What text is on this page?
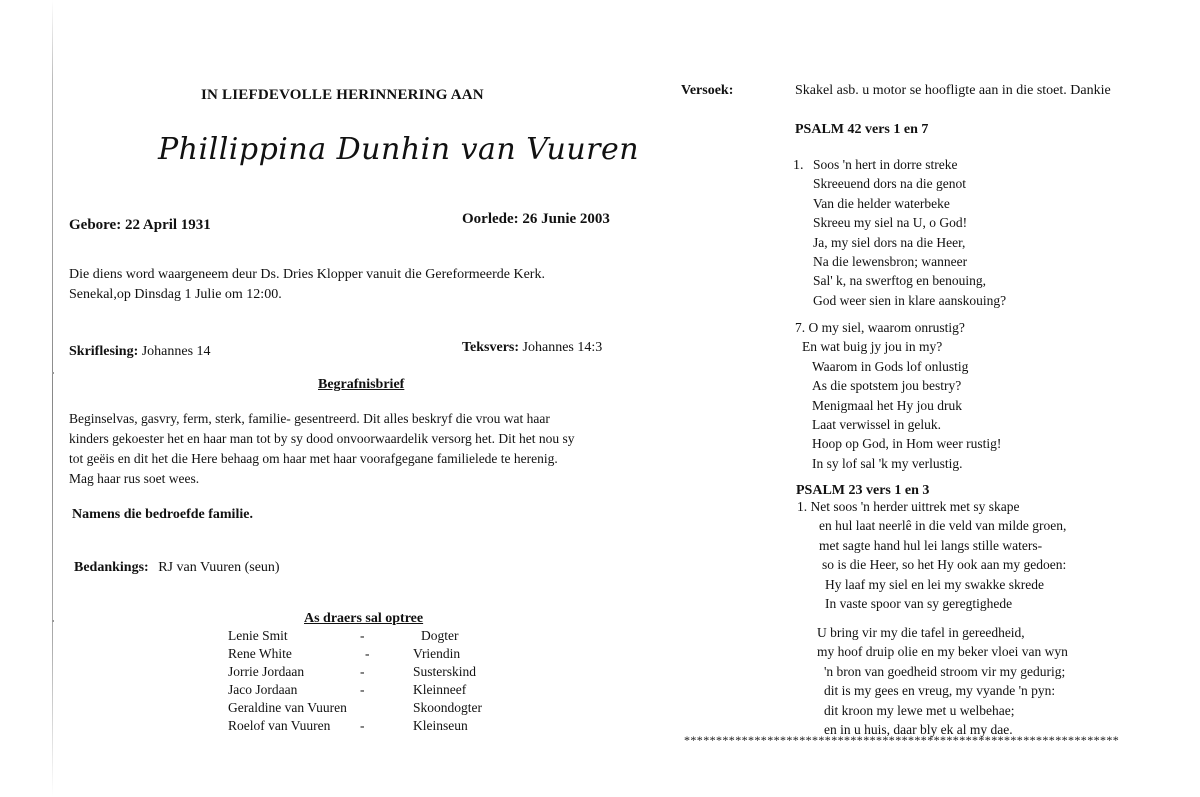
IN LIEFDEVOLLE HERINNERING AAN
Phillippina Dunhin van Vuuren
Gebore: 22 April 1931	Oorlede: 26 Junie 2003
Die diens word waargeneem deur Ds. Dries Klopper vanuit die Gereformeerde Kerk.
Senekal,op Dinsdag 1 Julie om 12:00.
Skriflesing: Johannes 14	Teksvers: Johannes 14:3
Begrafnisbrief
Beginselvas, gasvry, ferm, sterk, familie- gesentreerd. Dit alles beskryf die vrou wat haar
kinders gekoester het en haar man tot by sy dood onvoorwaardelik versorg het. Dit het nou sy
tot geëis en dit het die Here behaag om haar met haar voorafgegane familielede te herenig.
Mag haar rus soet wees.
Namens die bedroefde familie.
Bedankings: RJ van Vuuren (seun)
As draers sal optree
Lenie Smit	-	Dogter
Rene White	-	Vriendin
Jorrie Jordaan	-	Susterskind
Jaco Jordaan	-	Kleinneef
Geraldine van Vuuren	Skoondogter
Roelof van Vuuren -	Kleinseun
Versoek:	Skakel asb. u motor se hoofligte aan in die stoet. Dankie
PSALM 42 vers 1 en 7
1. Soos 'n hert in dorre streke
Skreeuend dors na die genot
Van die helder waterbeke
Skreeu my siel na U, o God!
Ja, my siel dors na die Heer,
Na die lewensbron; wanneer
Sal' k, na swerftog en benouing,
God weer sien in klare aanskouing?
7. O my siel, waarom onrustig?
En wat buig jy jou in my?
Waarom in Gods lof onlustig
As die spotstem jou bestry?
Menigmaal het Hy jou druk
Laat verwissel in geluk.
Hoop op God, in Hom weer rustig!
In sy lof sal 'k my verlustig.
PSALM 23 vers 1 en 3
1. Net soos 'n herder uittrek met sy skape
en hul laat neerlê in die veld van milde groen,
met sagte hand hul lei langs stille waters-
so is die Heer, so het Hy ook aan my gedoen:
Hy laaf my siel en lei my swakke skrede
In vaste spoor van sy geregtighede
U bring vir my die tafel in gereedheid,
my hoof druip olie en my beker vloei van wyn
'n bron van goedheid stroom vir my gedurig;
dit is my gees en vreug, my vyande 'n pyn:
dit kroon my lewe met u welbehae;
en in u huis, daar bly ek al my dae.
********************************************************************
